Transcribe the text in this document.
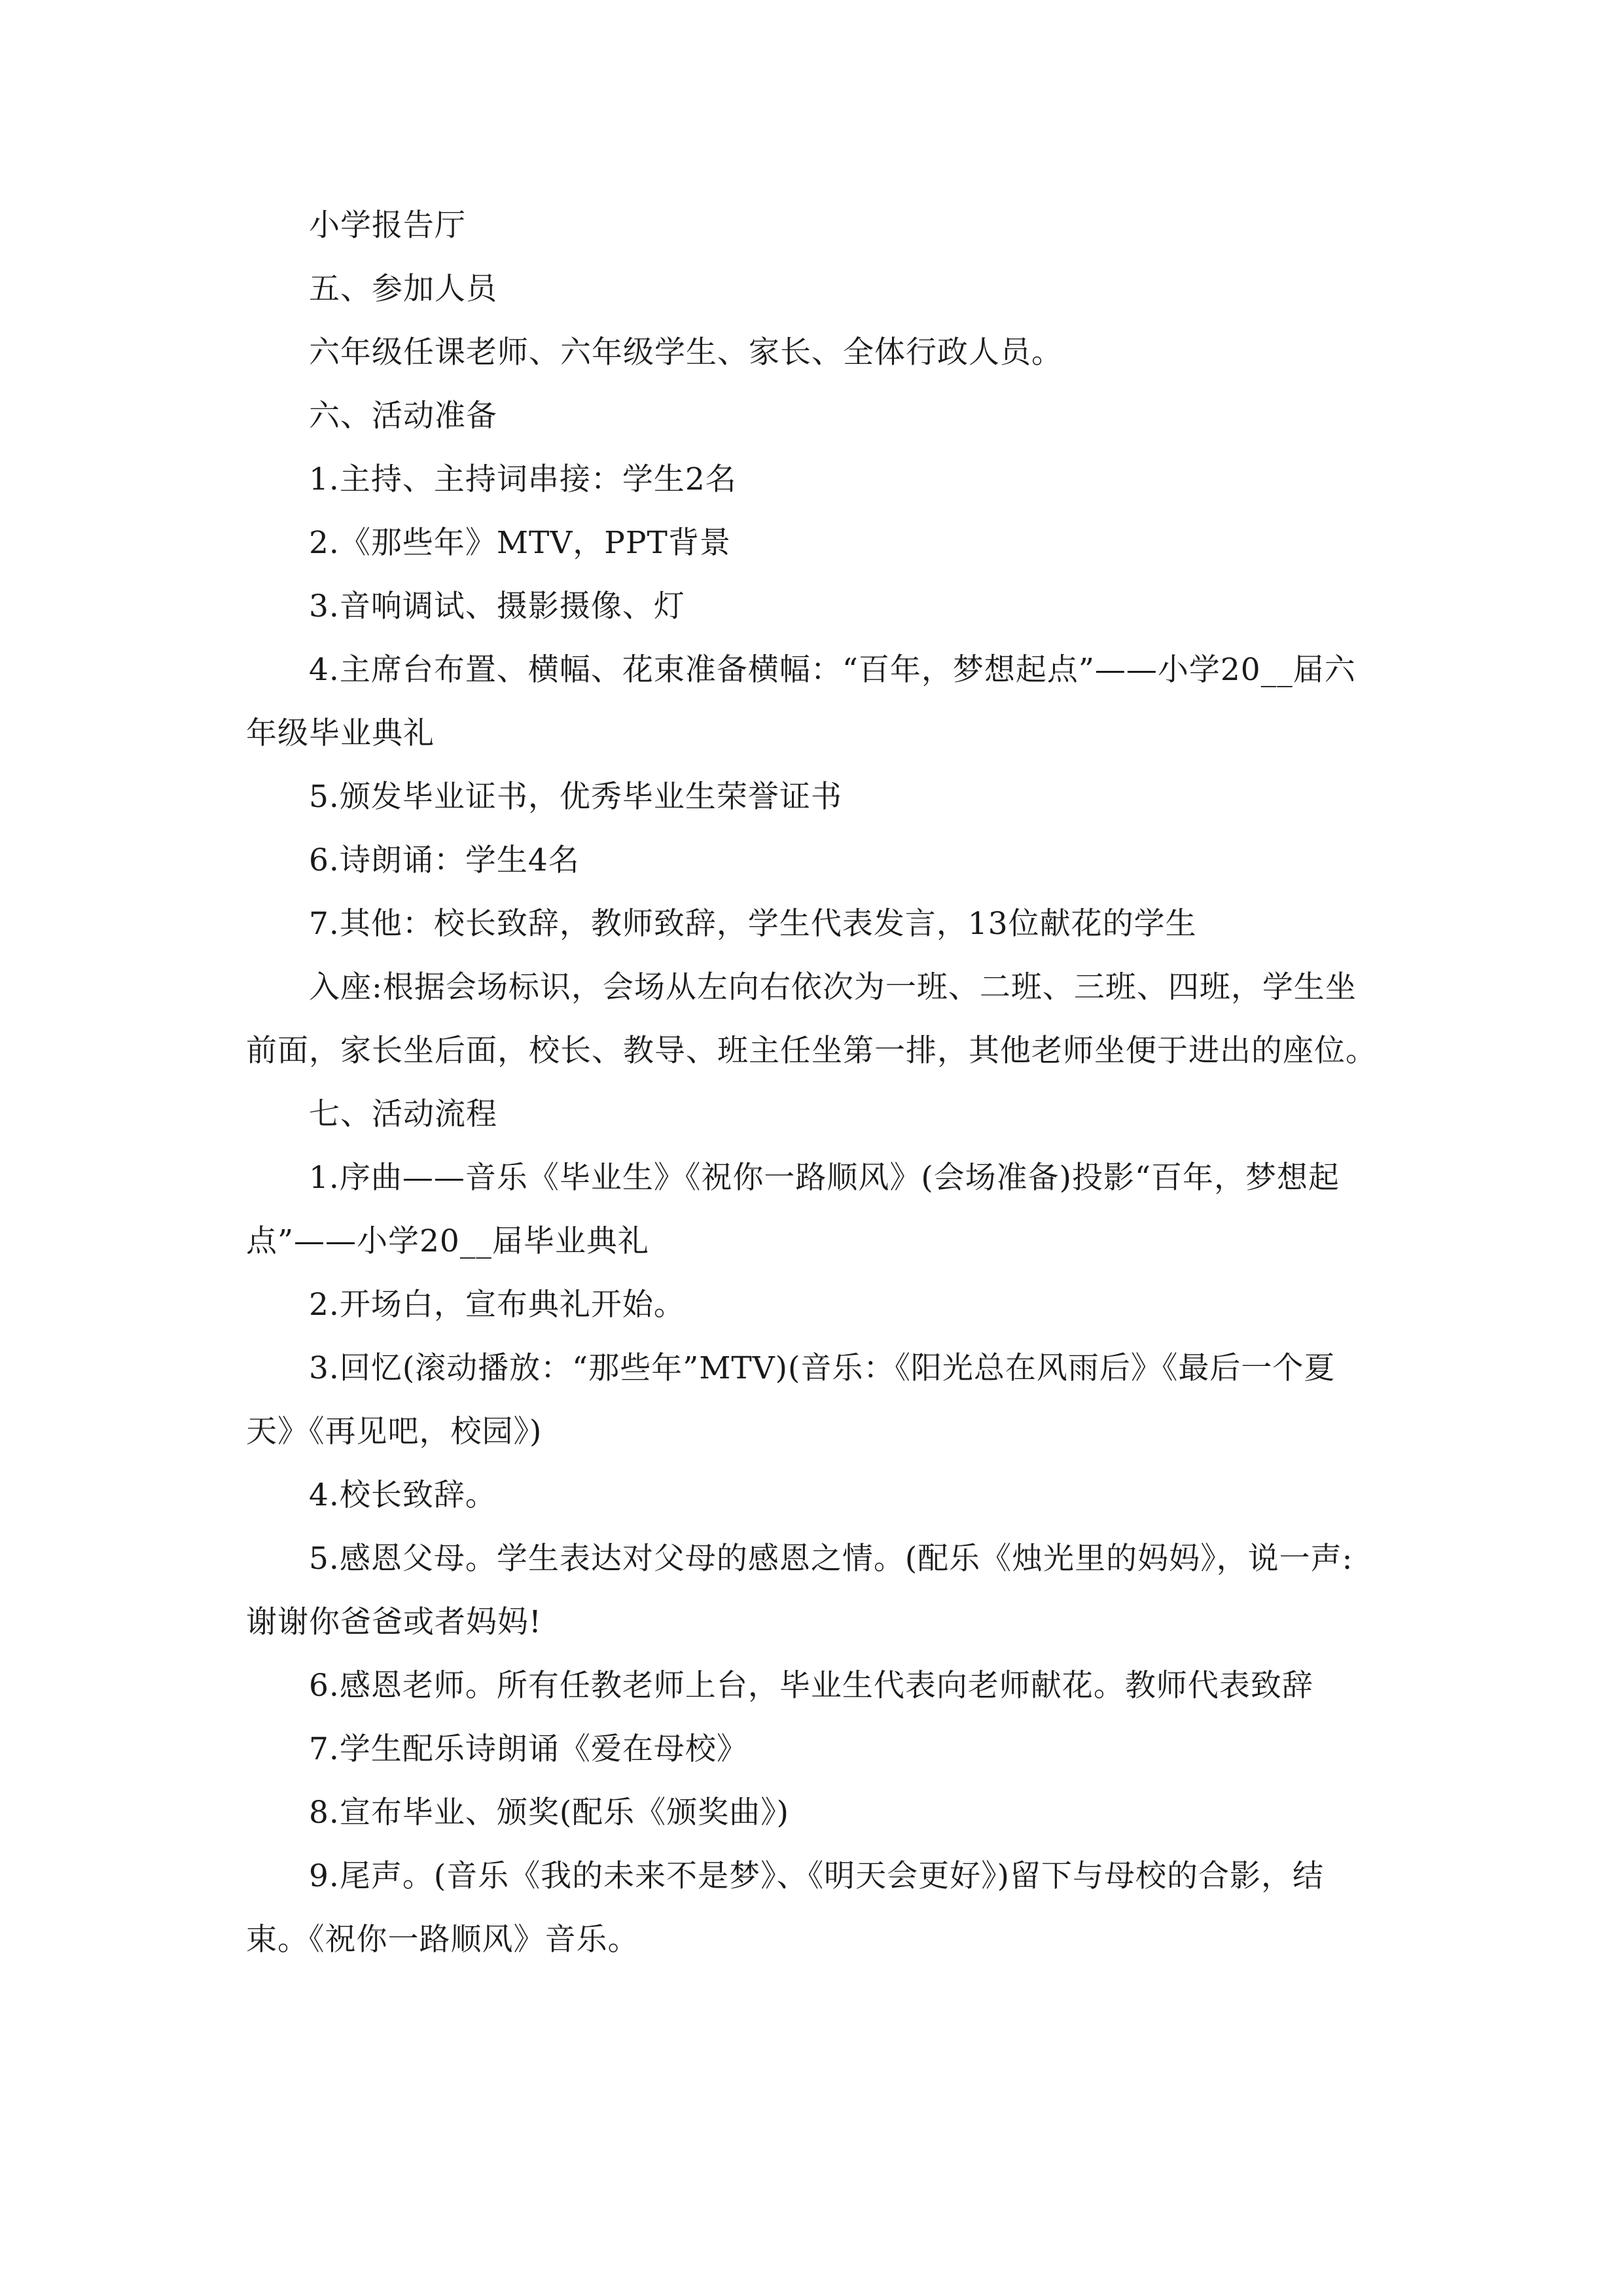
小学报告厅

五、参加人员

六年级任课老师、六年级学生、家长、全体行政人员。

六、活动准备

1.主持、主持词串接：学生2名

2.《那些年》MTV，PPT背景

3.音响调试、摄影摄像、灯

4.主席台布置、横幅、花束准备横幅：“百年，梦想起点”——小学20__届六年级毕业典礼

5.颁发毕业证书，优秀毕业生荣誉证书

6.诗朗诵：学生4名

7.其他：校长致辞，教师致辞，学生代表发言，13位献花的学生

入座:根据会场标识，会场从左向右依次为一班、二班、三班、四班，学生坐前面，家长坐后面，校长、教导、班主任坐第一排，其他老师坐便于进出的座位。

七、活动流程

1.序曲——音乐《毕业生》《祝你一路顺风》(会场准备)投影“百年，梦想起点”——小学20__届毕业典礼

2.开场白，宣布典礼开始。

3.回忆(滚动播放：“那些年”MTV)(音乐：《阳光总在风雨后》《最后一个夏天》《再见吧，校园》)

4.校长致辞。

5.感恩父母。学生表达对父母的感恩之情。(配乐《烛光里的妈妈》，说一声:谢谢你爸爸或者妈妈!

6.感恩老师。所有任教老师上台，毕业生代表向老师献花。教师代表致辞

7.学生配乐诗朗诵《爱在母校》

8.宣布毕业、颁奖(配乐《颁奖曲》)

9.尾声。(音乐《我的未来不是梦》、《明天会更好》)留下与母校的合影，结束。《祝你一路顺风》音乐。
